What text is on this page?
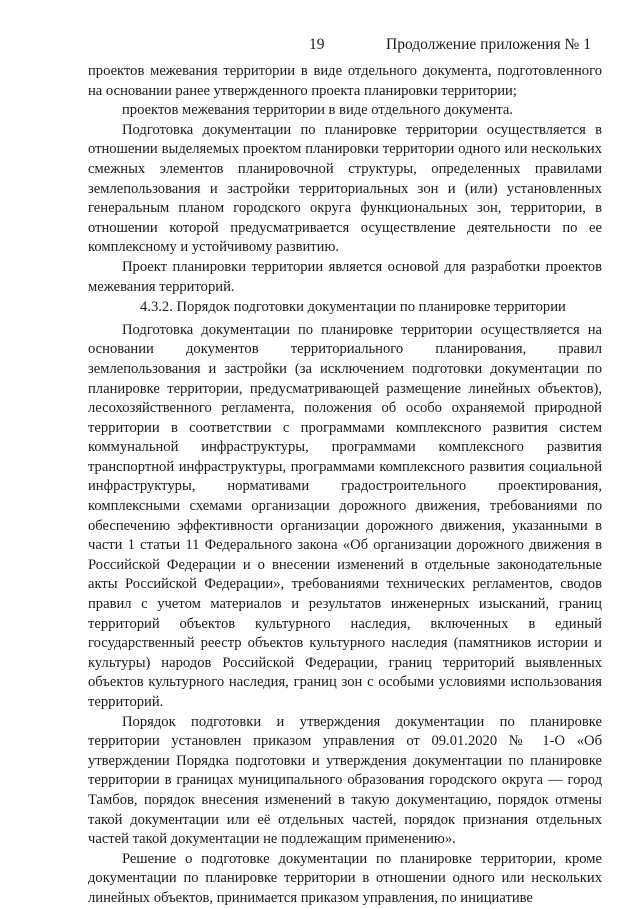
19	Продолжение приложения № 1

проектов межевания территории в виде отдельного документа, подготовленного на основании ранее утвержденного проекта планировки территории;

проектов межевания территории в виде отдельного документа.

Подготовка документации по планировке территории осуществляется в отношении выделяемых проектом планировки территории одного или нескольких смежных элементов планировочной структуры, определенных правилами землепользования и застройки территориальных зон и (или) установленных генеральным планом городского округа функциональных зон, территории, в отношении которой предусматривается осуществление деятельности по ее комплексному и устойчивому развитию.

Проект планировки территории является основой для разработки проектов межевания территорий.

4.3.2. Порядок подготовки документации по планировке территории

Подготовка документации по планировке территории осуществляется на основании документов территориального планирования, правил землепользования и застройки (за исключением подготовки документации по планировке территории, предусматривающей размещение линейных объектов), лесохозяйственного регламента, положения об особо охраняемой природной территории в соответствии с программами комплексного развития систем коммунальной инфраструктуры, программами комплексного развития транспортной инфраструктуры, программами комплексного развития социальной инфраструктуры, нормативами градостроительного проектирования, комплексными схемами организации дорожного движения, требованиями по обеспечению эффективности организации дорожного движения, указанными в части 1 статьи 11 Федерального закона «Об организации дорожного движения в Российской Федерации и о внесении изменений в отдельные законодательные акты Российской Федерации», требованиями технических регламентов, сводов правил с учетом материалов и результатов инженерных изысканий, границ территорий объектов культурного наследия, включенных в единый государственный реестр объектов культурного наследия (памятников истории и культуры) народов Российской Федерации, границ территорий выявленных объектов культурного наследия, границ зон с особыми условиями использования территорий.

Порядок подготовки и утверждения документации по планировке территории установлен приказом управления от 09.01.2020 № 1-О «Об утверждении Порядка подготовки и утверждения документации по планировке территории в границах муниципального образования городского округа — город Тамбов, порядок внесения изменений в такую документацию, порядок отмены такой документации или её отдельных частей, порядок признания отдельных частей такой документации не подлежащим применению».

Решение о подготовке документации по планировке территории, кроме документации по планировке территории в отношении одного или нескольких линейных объектов, принимается приказом управления, по инициативе
